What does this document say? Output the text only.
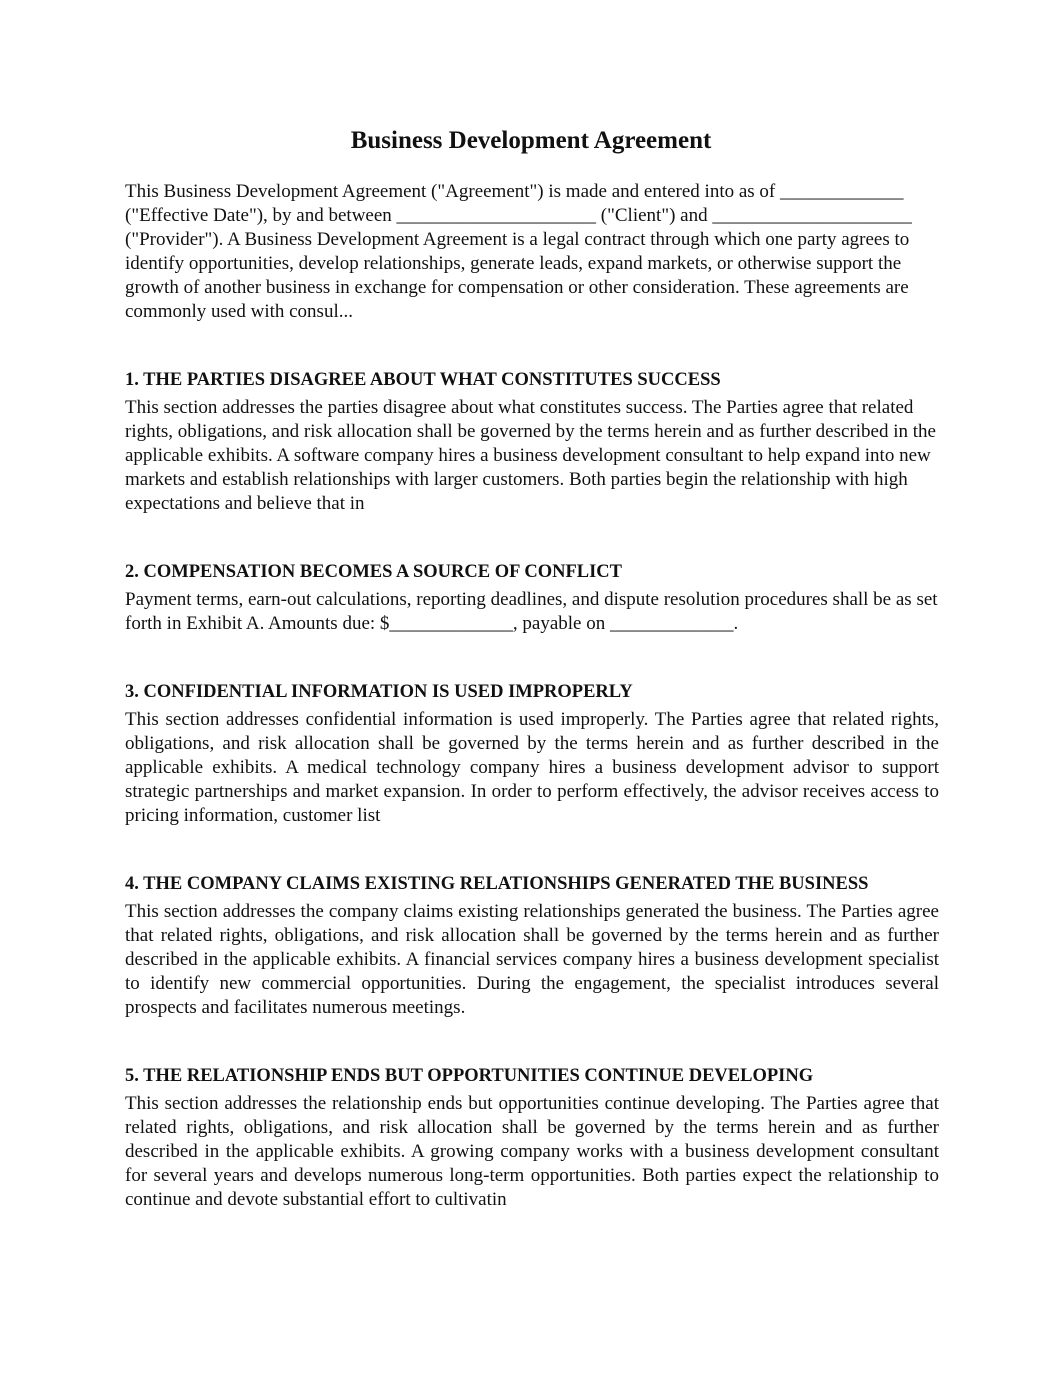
Business Development Agreement

This Business Development Agreement ("Agreement") is made and entered into as of _____________ ("Effective Date"), by and between _____________________ ("Client") and _____________________ ("Provider"). A Business Development Agreement is a legal contract through which one party agrees to identify opportunities, develop relationships, generate leads, expand markets, or otherwise support the growth of another business in exchange for compensation or other consideration. These agreements are commonly used with consul...

1. THE PARTIES DISAGREE ABOUT WHAT CONSTITUTES SUCCESS

This section addresses the parties disagree about what constitutes success. The Parties agree that related rights, obligations, and risk allocation shall be governed by the terms herein and as further described in the applicable exhibits. A software company hires a business development consultant to help expand into new markets and establish relationships with larger customers. Both parties begin the relationship with high expectations and believe that in

2. COMPENSATION BECOMES A SOURCE OF CONFLICT

Payment terms, earn-out calculations, reporting deadlines, and dispute resolution procedures shall be as set forth in Exhibit A. Amounts due: $_____________, payable on _____________.

3. CONFIDENTIAL INFORMATION IS USED IMPROPERLY

This section addresses confidential information is used improperly. The Parties agree that related rights, obligations, and risk allocation shall be governed by the terms herein and as further described in the applicable exhibits. A medical technology company hires a business development advisor to support strategic partnerships and market expansion. In order to perform effectively, the advisor receives access to pricing information, customer list

4. THE COMPANY CLAIMS EXISTING RELATIONSHIPS GENERATED THE BUSINESS

This section addresses the company claims existing relationships generated the business. The Parties agree that related rights, obligations, and risk allocation shall be governed by the terms herein and as further described in the applicable exhibits. A financial services company hires a business development specialist to identify new commercial opportunities. During the engagement, the specialist introduces several prospects and facilitates numerous meetings.

5. THE RELATIONSHIP ENDS BUT OPPORTUNITIES CONTINUE DEVELOPING

This section addresses the relationship ends but opportunities continue developing. The Parties agree that related rights, obligations, and risk allocation shall be governed by the terms herein and as further described in the applicable exhibits. A growing company works with a business development consultant for several years and develops numerous long-term opportunities. Both parties expect the relationship to continue and devote substantial effort to cultivatin
